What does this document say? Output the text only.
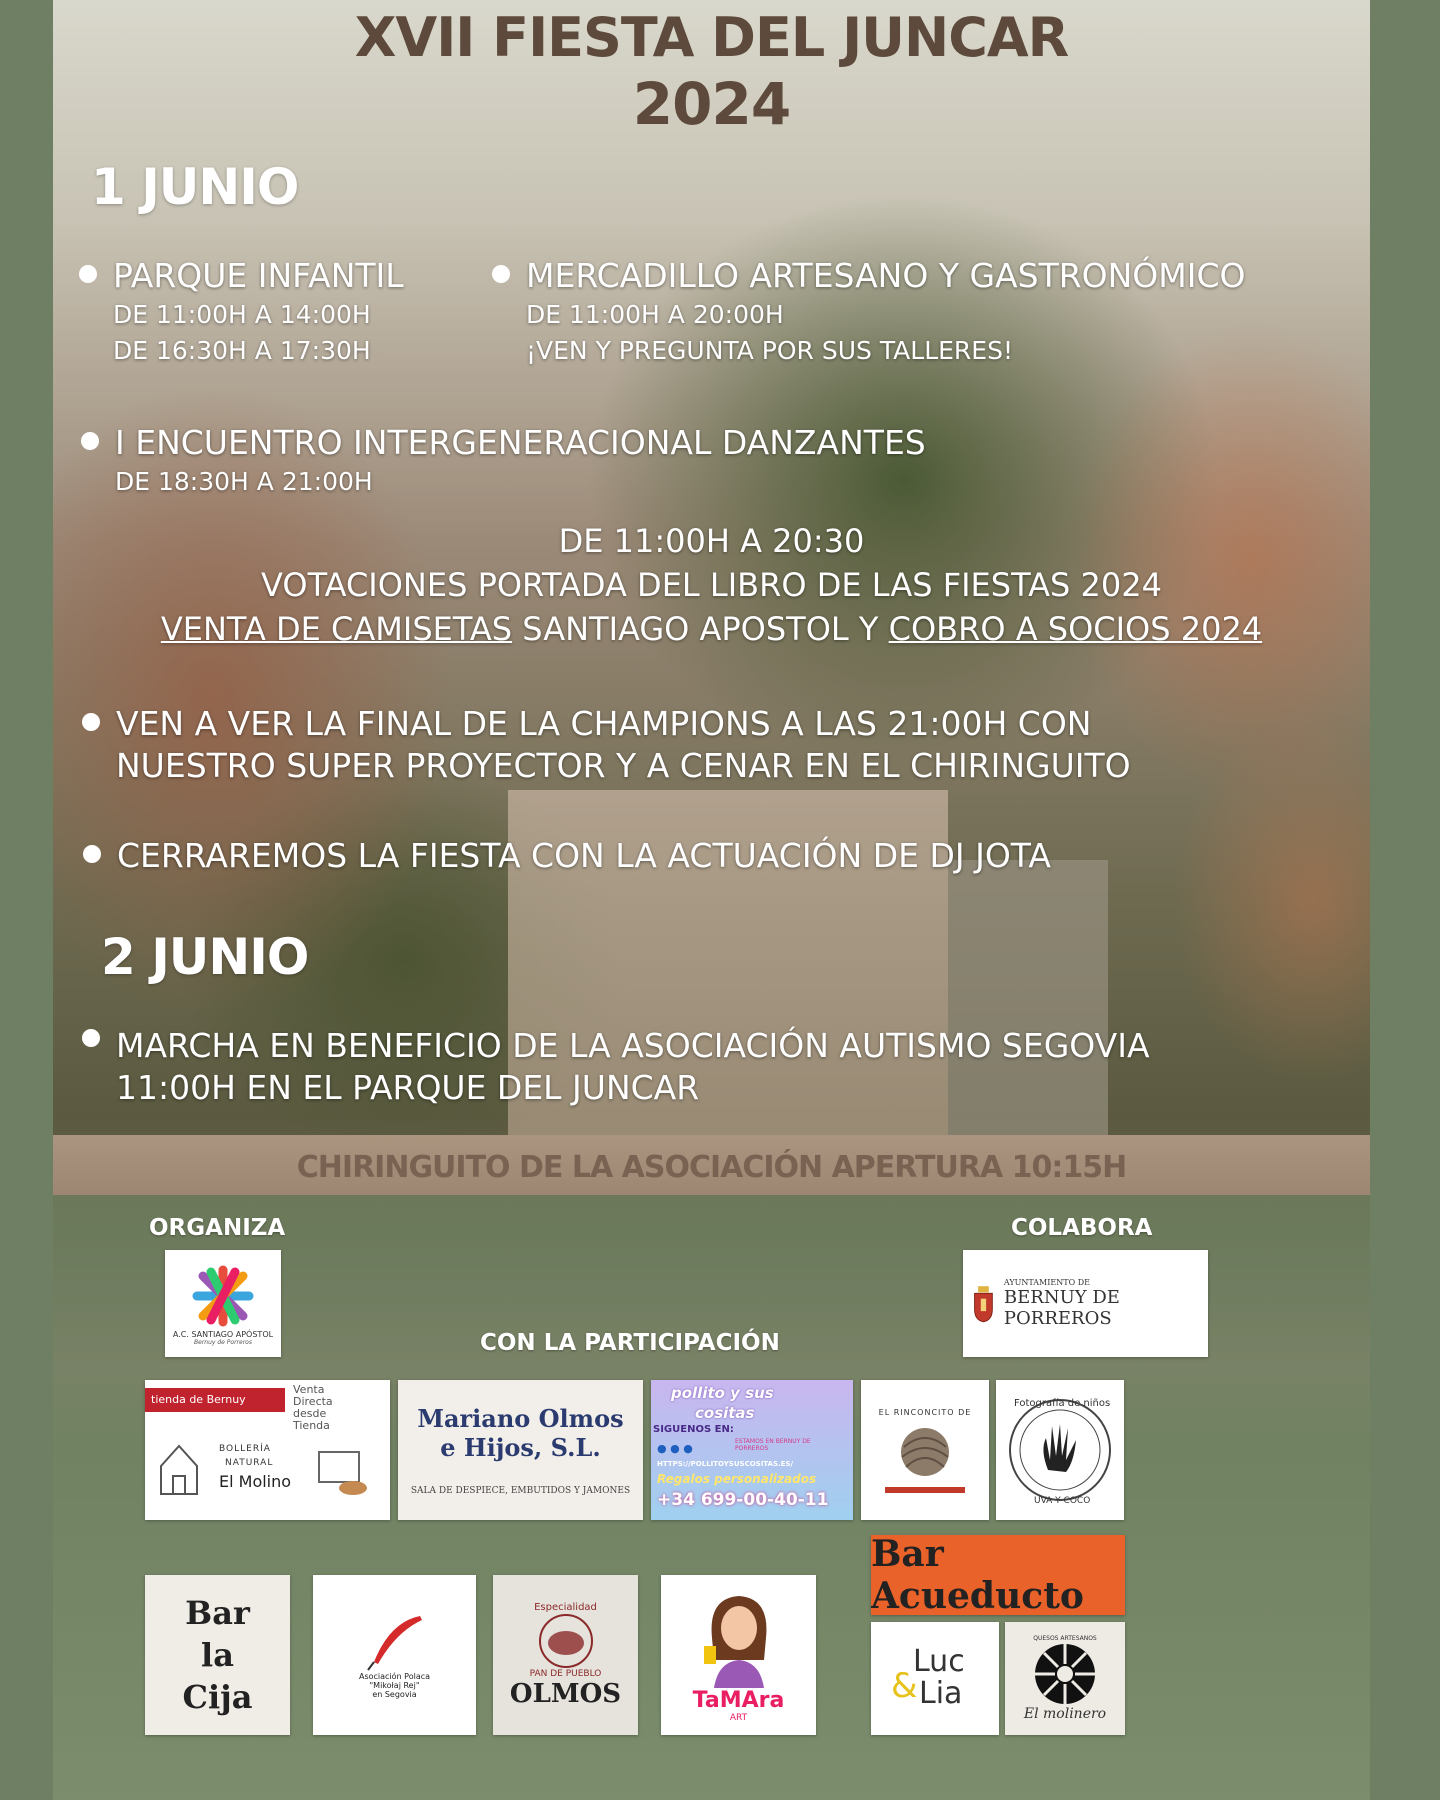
XVII FIESTA DEL JUNCAR
2024
1 JUNIO
PARQUE INFANTIL
DE 11:00H A 14:00H
DE 16:30H A 17:30H
MERCADILLO ARTESANO Y GASTRONÓMICO
DE 11:00H A 20:00H
¡VEN Y PREGUNTA POR SUS TALLERES!
I ENCUENTRO INTERGENERACIONAL DANZANTES
DE 18:30H A 21:00H
DE 11:00H A 20:30
VOTACIONES PORTADA DEL LIBRO DE LAS FIESTAS 2024
VENTA DE CAMISETAS SANTIAGO APOSTOL Y COBRO A SOCIOS 2024
VEN A VER LA FINAL DE LA CHAMPIONS A LAS 21:00H CON
NUESTRO SUPER PROYECTOR Y A CENAR EN EL CHIRINGUITO
CERRAREMOS LA FIESTA CON LA ACTUACIÓN DE DJ JOTA
2 JUNIO
MARCHA EN BENEFICIO DE LA ASOCIACIÓN AUTISMO SEGOVIA
11:00H EN EL PARQUE DEL JUNCAR
CHIRINGUITO DE LA ASOCIACIÓN APERTURA 10:15H
ORGANIZA
A.C. SANTIAGO APÓSTOL
Bernuy de Porreros
COLABORA
AYUNTAMIENTO DE
BERNUY DE PORREROS
CON LA PARTICIPACIÓN
tienda de Bernuy
Venta
Directa
desde
Tienda
BOLLERÍA
NATURAL
El Molino
Mariano Olmos
e Hijos, S.L.
SALA DE DESPIECE, EMBUTIDOS Y JAMONES
pollito y sus
cositas
SIGUENOS EN:
ESTAMOS EN BERNUY DE PORREROS
● ● ●
HTTPS://POLLITOYSUSCOSITAS.ES/
Regalos personalizados
+34 699-00-40-11
EL RINCONCITO DE
Fotografía de niños
UVA Y COCO
Bar
la
Cija
Asociación Polaca
"Mikołaj Rej"
en Segovia
Especialidad
PAN DE PUEBLO
OLMOS	TaMAra
ART
Bar Acueducto
Luc
& Lia
QUESOS ARTESANOS
El molinero
